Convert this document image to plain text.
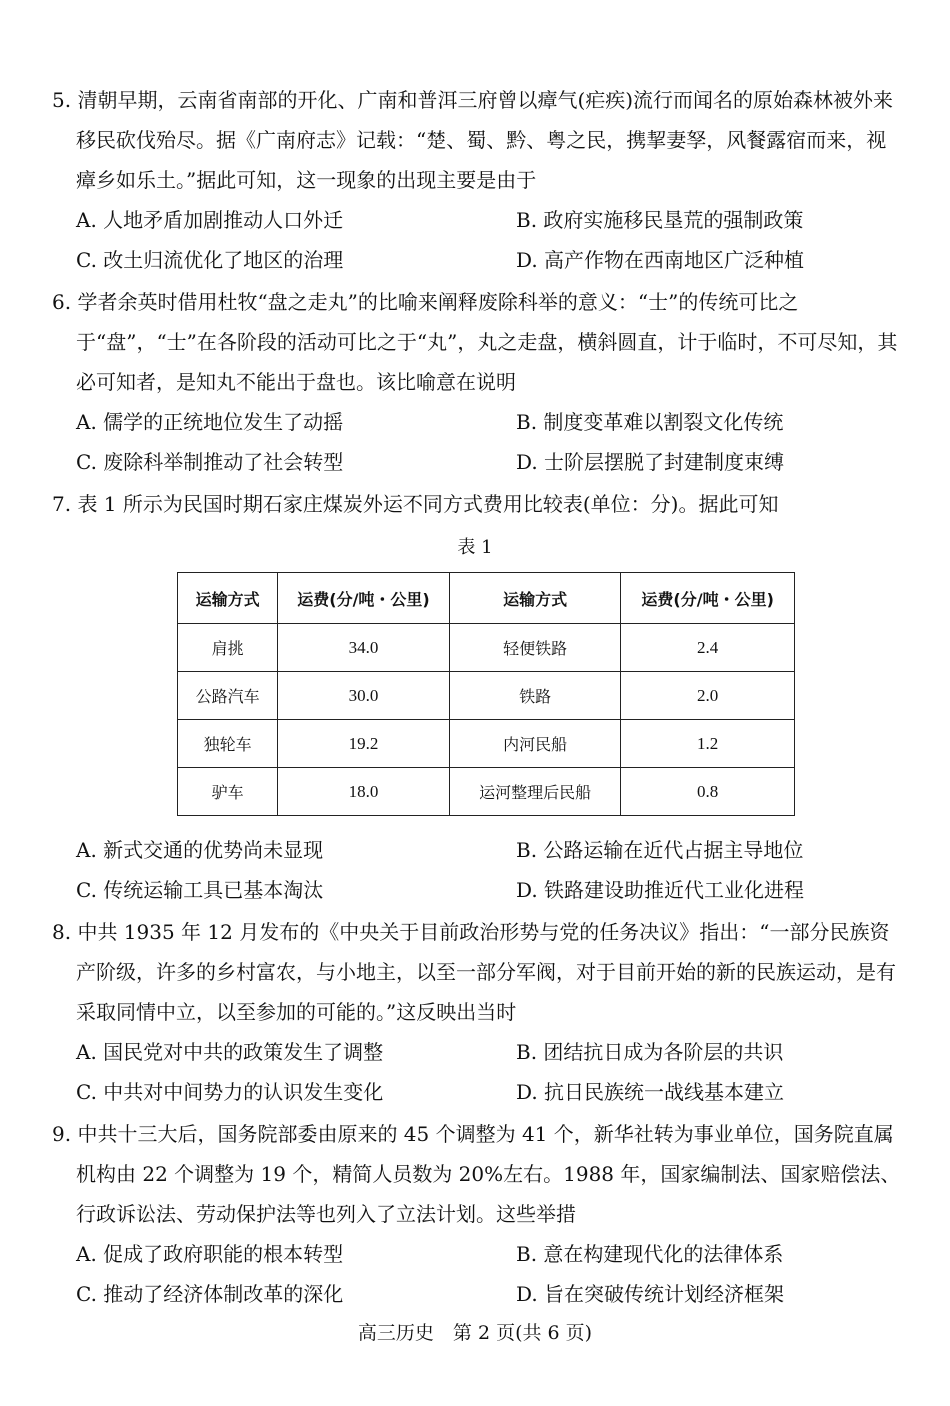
5. 清朝早期，云南省南部的开化、广南和普洱三府曾以瘴气(疟疾)流行而闻名的原始森林被外来移民砍伐殆尽。据《广南府志》记载：“楚、蜀、黔、粤之民，携挈妻孥，风餐露宿而来，视瘴乡如乐土。”据此可知，这一现象的出现主要是由于

A. 人地矛盾加剧推动人口外迁	B. 政府实施移民垦荒的强制政策
C. 改土归流优化了地区的治理	D. 高产作物在西南地区广泛种植

6. 学者余英时借用杜牧“盘之走丸”的比喻来阐释废除科举的意义：“士”的传统可比之于“盘”，“士”在各阶段的活动可比之于“丸”，丸之走盘，横斜圆直，计于临时，不可尽知，其必可知者，是知丸不能出于盘也。该比喻意在说明

A. 儒学的正统地位发生了动摇	B. 制度变革难以割裂文化传统
C. 废除科举制推动了社会转型	D. 士阶层摆脱了封建制度束缚

7. 表 1 所示为民国时期石家庄煤炭外运不同方式费用比较表(单位：分)。据此可知

表 1
运输方式	运费(分/吨・公里)	运输方式	运费(分/吨・公里)
肩挑	34.0	轻便铁路	2.4
公路汽车	30.0	铁路	2.0
独轮车	19.2	内河民船	1.2
驴车	18.0	运河整理后民船	0.8
A. 新式交通的优势尚未显现	B. 公路运输在近代占据主导地位
C. 传统运输工具已基本淘汰	D. 铁路建设助推近代工业化进程

8. 中共 1935 年 12 月发布的《中央关于目前政治形势与党的任务决议》指出：“一部分民族资产阶级，许多的乡村富农，与小地主，以至一部分军阀，对于目前开始的新的民族运动，是有采取同情中立，以至参加的可能的。”这反映出当时

A. 国民党对中共的政策发生了调整	B. 团结抗日成为各阶层的共识
C. 中共对中间势力的认识发生变化	D. 抗日民族统一战线基本建立

9. 中共十三大后，国务院部委由原来的 45 个调整为 41 个，新华社转为事业单位，国务院直属机构由 22 个调整为 19 个，精简人员数为 20%左右。1988 年，国家编制法、国家赔偿法、行政诉讼法、劳动保护法等也列入了立法计划。这些举措

A. 促成了政府职能的根本转型	B. 意在构建现代化的法律体系
C. 推动了经济体制改革的深化	D. 旨在突破传统计划经济框架
高三历史　第 2 页(共 6 页)
